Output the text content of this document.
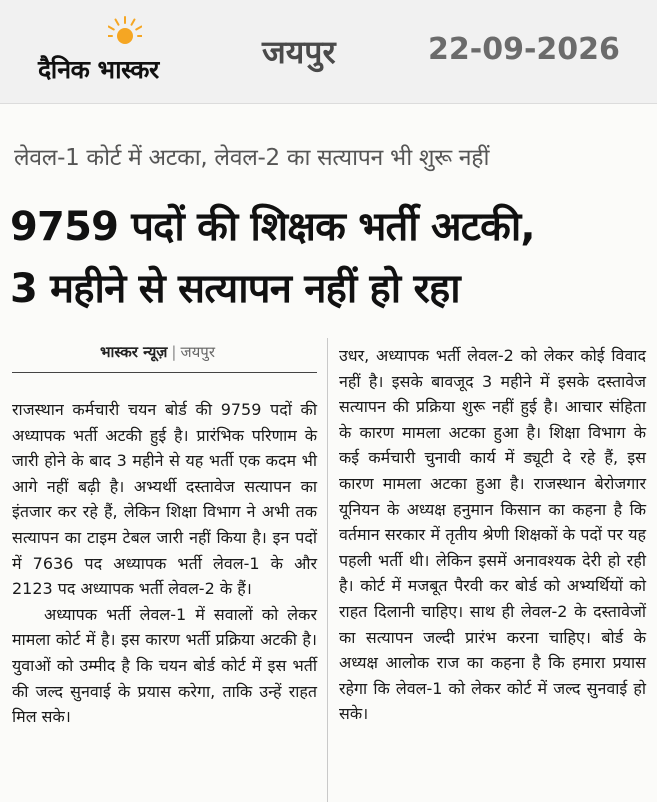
दैनिक भास्कर	जयपुर	22-09-2026
लेवल-1 कोर्ट में अटका, लेवल-2 का सत्यापन भी शुरू नहीं
9759 पदों की शिक्षक भर्ती अटकी,
3 महीने से सत्यापन नहीं हो रहा
भास्कर न्यूज़ | जयपुर

राजस्थान कर्मचारी चयन बोर्ड की 9759 पदों की अध्यापक भर्ती अटकी हुई है। प्रारंभिक परिणाम के जारी होने के बाद 3 महीने से यह भर्ती एक कदम भी आगे नहीं बढ़ी है। अभ्यर्थी दस्तावेज सत्यापन का इंतजार कर रहे हैं, लेकिन शिक्षा विभाग ने अभी तक सत्यापन का टाइम टेबल जारी नहीं किया है। इन पदों में 7636 पद अध्यापक भर्ती लेवल-1 के और 2123 पद अध्यापक भर्ती लेवल-2 के हैं।

अध्यापक भर्ती लेवल-1 में सवालों को लेकर मामला कोर्ट में है। इस कारण भर्ती प्रक्रिया अटकी है। युवाओं को उम्मीद है कि चयन बोर्ड कोर्ट में इस भर्ती की जल्द सुनवाई के प्रयास करेगा, ताकि उन्हें राहत मिल सके।

उधर, अध्यापक भर्ती लेवल-2 को लेकर कोई विवाद नहीं है। इसके बावजूद 3 महीने में इसके दस्तावेज सत्यापन की प्रक्रिया शुरू नहीं हुई है। आचार संहिता के कारण मामला अटका हुआ है। शिक्षा विभाग के कई कर्मचारी चुनावी कार्य में ड्यूटी दे रहे हैं, इस कारण मामला अटका हुआ है। राजस्थान बेरोजगार यूनियन के अध्यक्ष हनुमान किसान का कहना है कि वर्तमान सरकार में तृतीय श्रेणी शिक्षकों के पदों पर यह पहली भर्ती थी। लेकिन इसमें अनावश्यक देरी हो रही है। कोर्ट में मजबूत पैरवी कर बोर्ड को अभ्यर्थियों को राहत दिलानी चाहिए। साथ ही लेवल-2 के दस्तावेजों का सत्यापन जल्दी प्रारंभ करना चाहिए। बोर्ड के अध्यक्ष आलोक राज का कहना है कि हमारा प्रयास रहेगा कि लेवल-1 को लेकर कोर्ट में जल्द सुनवाई हो सके।
